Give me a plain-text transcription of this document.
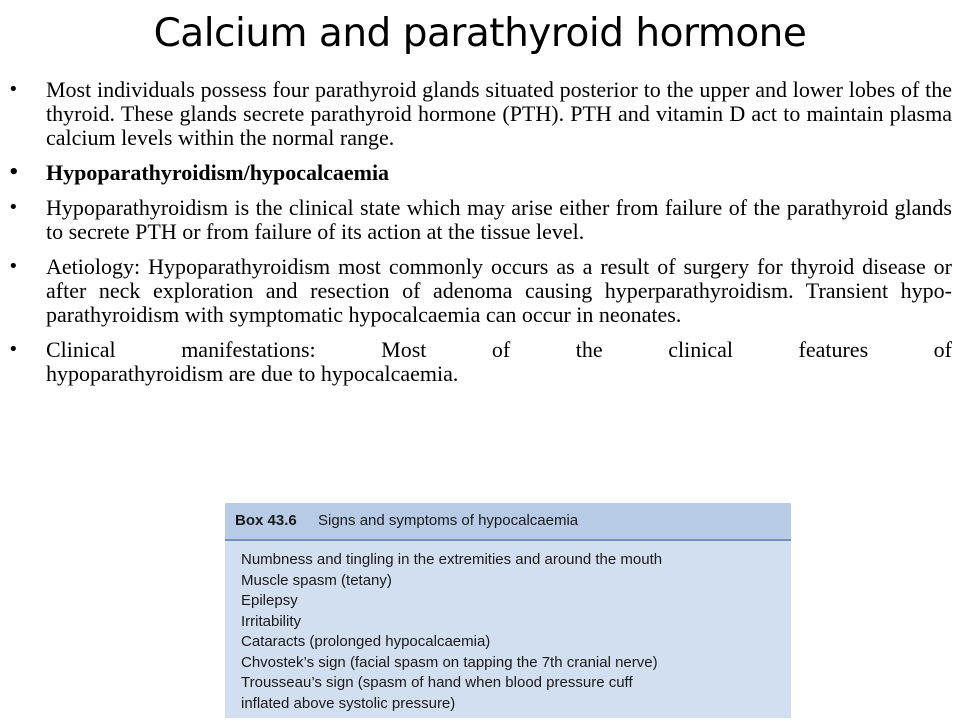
Calcium and parathyroid hormone
• Most individuals possess four parathyroid glands situated posterior to the upper and lower lobes of the thyroid. These glands secrete parathyroid hormone (PTH). PTH and vitamin D act to maintain plasma calcium levels within the normal range.
• Hypoparathyroidism/hypocalcaemia
• Hypoparathyroidism is the clinical state which may arise either from failure of the parathyroid glands to secrete PTH or from failure of its action at the tissue level.
• Aetiology: Hypoparathyroidism most commonly occurs as a result of surgery for thyroid disease or after neck exploration and resection of adenoma causing hyperparathyroidism. Transient hypo-parathyroidism with symptomatic hypocalcaemia can occur in neonates.
• Clinical manifestations: Most of the clinical features of
hypoparathyroidism are due to hypocalcaemia.
Box 43.6 Signs and symptoms of hypocalcaemia
Numbness and tingling in the extremities and around the mouth
Muscle spasm (tetany)
Epilepsy
Irritability
Cataracts (prolonged hypocalcaemia)
Chvostek’s sign (facial spasm on tapping the 7th cranial nerve)
Trousseau’s sign (spasm of hand when blood pressure cuff
inflated above systolic pressure)
